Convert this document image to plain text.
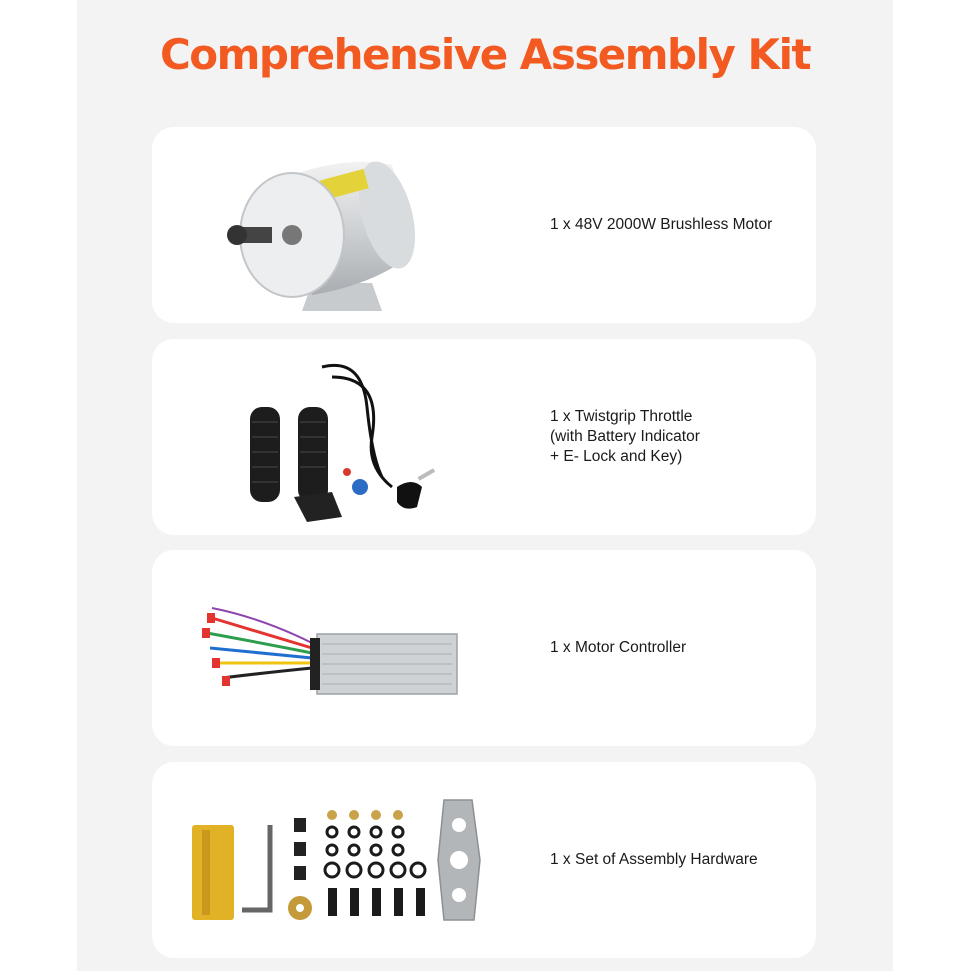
Comprehensive Assembly Kit
1 x 48V 2000W Brushless Motor
1 x Twistgrip Throttle
(with Battery Indicator
+ E- Lock and Key)
1 x Motor Controller
1 x Set of Assembly Hardware
